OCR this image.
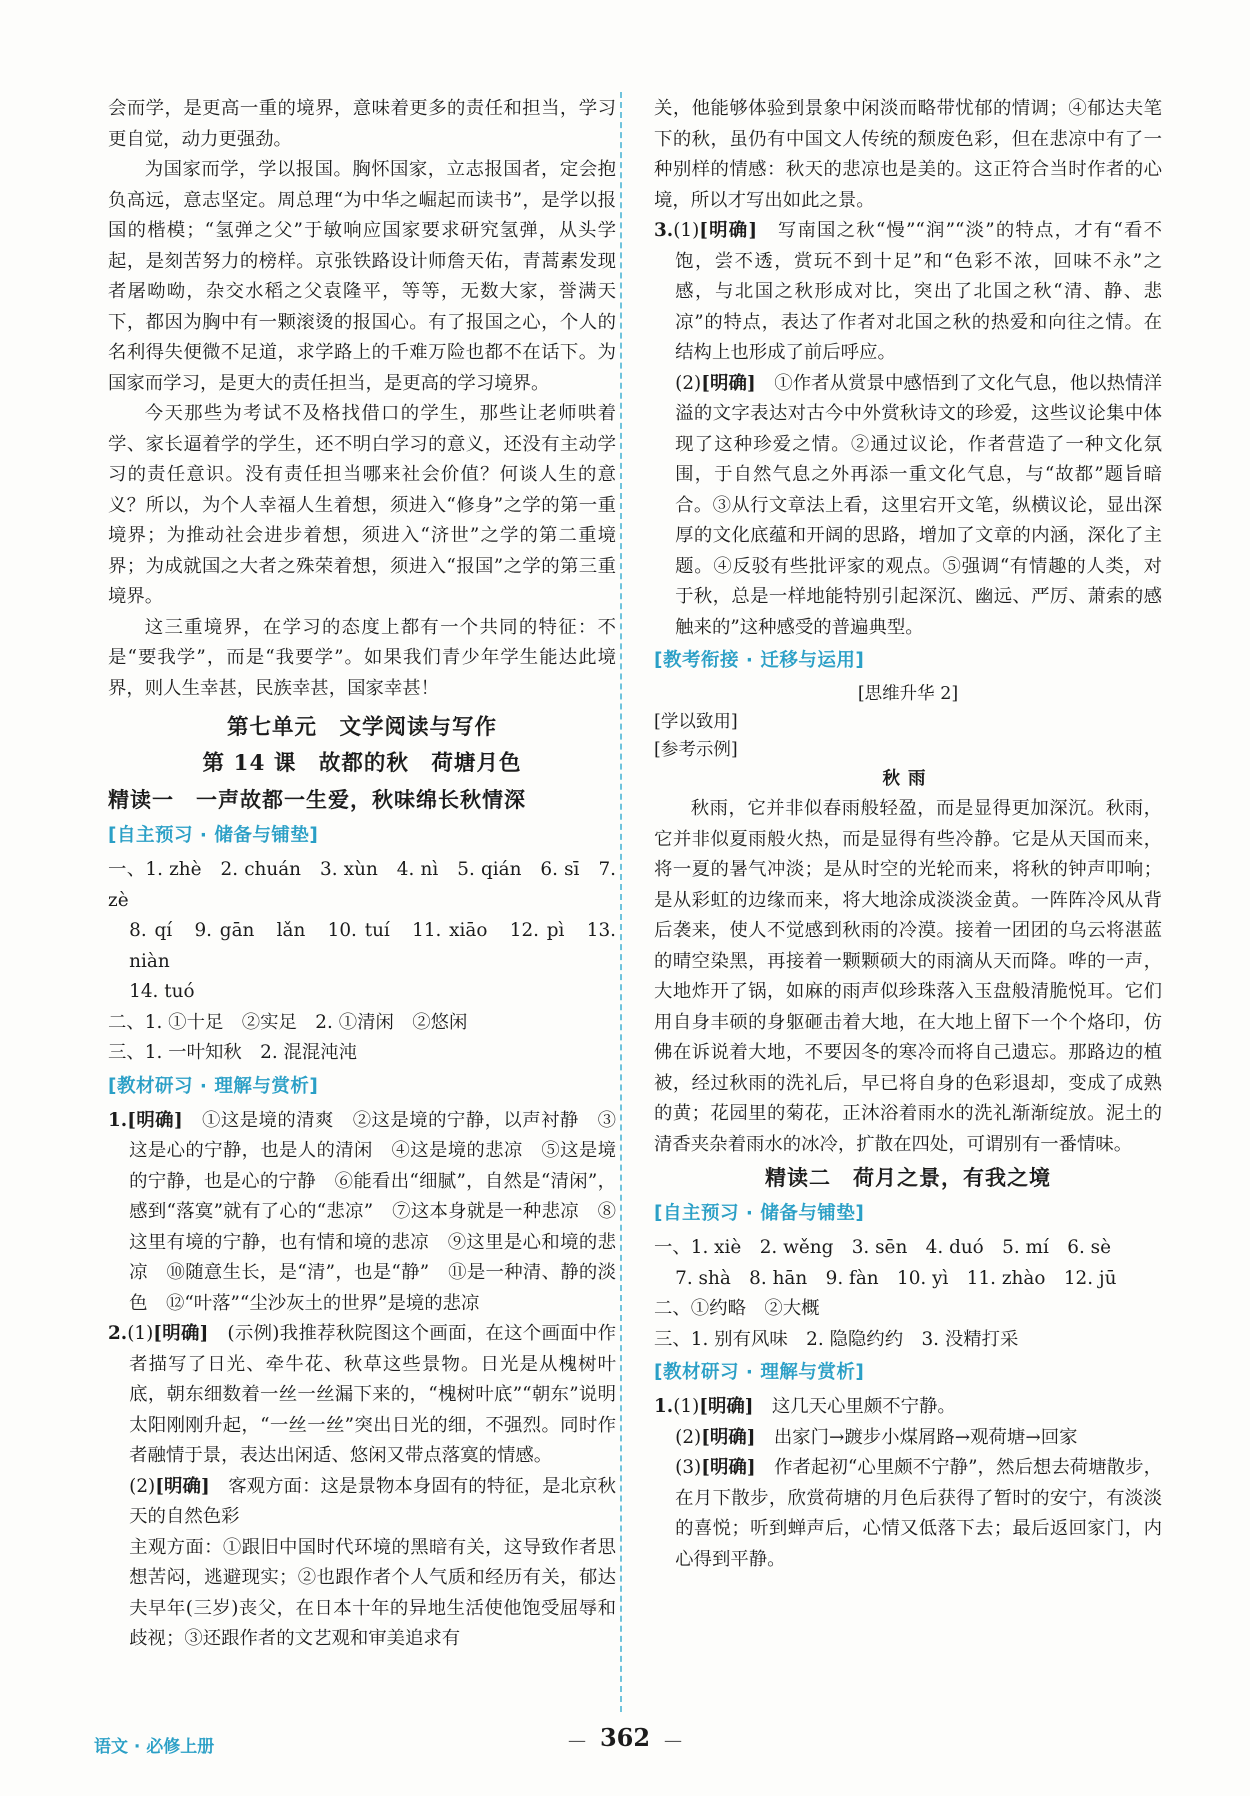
会而学，是更高一重的境界，意味着更多的责任和担当，学习更自觉，动力更强劲。

为国家而学，学以报国。胸怀国家，立志报国者，定会抱负高远，意志坚定。周总理“为中华之崛起而读书”，是学以报国的楷模；“氢弹之父”于敏响应国家要求研究氢弹，从头学起，是刻苦努力的榜样。京张铁路设计师詹天佑，青蒿素发现者屠呦呦，杂交水稻之父袁隆平，等等，无数大家，誉满天下，都因为胸中有一颗滚烫的报国心。有了报国之心，个人的名利得失便微不足道，求学路上的千难万险也都不在话下。为国家而学习，是更大的责任担当，是更高的学习境界。

今天那些为考试不及格找借口的学生，那些让老师哄着学、家长逼着学的学生，还不明白学习的意义，还没有主动学习的责任意识。没有责任担当哪来社会价值？何谈人生的意义？所以，为个人幸福人生着想，须进入“修身”之学的第一重境界；为推动社会进步着想，须进入“济世”之学的第二重境界；为成就国之大者之殊荣着想，须进入“报国”之学的第三重境界。

这三重境界，在学习的态度上都有一个共同的特征：不是“要我学”，而是“我要学”。如果我们青少年学生能达此境界，则人生幸甚，民族幸甚，国家幸甚！

第七单元　文学阅读与写作
第 14 课　故都的秋　荷塘月色
精读一　一声故都一生爱，秋味绵长秋情深
[自主预习 · 储备与铺垫]

一、1. zhè　2. chuán　3. xùn　4. nì　5. qián　6. sī　7. zè

8. qí　9. gān　lǎn　10. tuí　11. xiāo　12. pì　13. niàn

14. tuó

二、1. ①十足　②实足　2. ①清闲　②悠闲

三、1. 一叶知秋　2. 混混沌沌

[教材研习 · 理解与赏析]

1.[明确]　 ①这是境的清爽　②这是境的宁静，以声衬静　③这是心的宁静，也是人的清闲　④这是境的悲凉　⑤这是境的宁静，也是心的宁静　⑥能看出“细腻”，自然是“清闲”，感到“落寞”就有了心的“悲凉”　⑦这本身就是一种悲凉　⑧这里有境的宁静，也有情和境的悲凉　⑨这里是心和境的悲凉　⑩随意生长，是“清”，也是“静”　⑪是一种清、静的淡色　⑫“叶落”“尘沙灰土的世界”是境的悲凉

2.(1)[明确]　 (示例)我推荐秋院图这个画面，在这个画面中作者描写了日光、牵牛花、秋草这些景物。日光是从槐树叶底，朝东细数着一丝一丝漏下来的，“槐树叶底”“朝东”说明太阳刚刚升起，“一丝一丝”突出日光的细，不强烈。同时作者融情于景，表达出闲适、悠闲又带点落寞的情感。

(2)[明确]　 客观方面：这是景物本身固有的特征，是北京秋天的自然色彩

主观方面：①跟旧中国时代环境的黑暗有关，这导致作者思想苦闷，逃避现实；②也跟作者个人气质和经历有关，郁达夫早年(三岁)丧父，在日本十年的异地生活使他饱受屈辱和歧视；③还跟作者的文艺观和审美追求有

关，他能够体验到景象中闲淡而略带忧郁的情调；④郁达夫笔下的秋，虽仍有中国文人传统的颓废色彩，但在悲凉中有了一种别样的情感：秋天的悲凉也是美的。这正符合当时作者的心境，所以才写出如此之景。

3.(1)[明确]　 写南国之秋“慢”“润”“淡”的特点，才有“看不饱，尝不透，赏玩不到十足”和“色彩不浓，回味不永”之感，与北国之秋形成对比，突出了北国之秋“清、静、悲凉”的特点，表达了作者对北国之秋的热爱和向往之情。在结构上也形成了前后呼应。

(2)[明确]　 ①作者从赏景中感悟到了文化气息，他以热情洋溢的文字表达对古今中外赏秋诗文的珍爱，这些议论集中体现了这种珍爱之情。②通过议论，作者营造了一种文化氛围，于自然气息之外再添一重文化气息，与“故都”题旨暗合。③从行文章法上看，这里宕开文笔，纵横议论，显出深厚的文化底蕴和开阔的思路，增加了文章的内涵，深化了主题。④反驳有些批评家的观点。⑤强调“有情趣的人类，对于秋，总是一样地能特别引起深沉、幽远、严厉、萧索的感触来的”这种感受的普遍典型。

[教考衔接 · 迁移与运用]
[思维升华 2]
[学以致用]
[参考示例]
秋雨

秋雨，它并非似春雨般轻盈，而是显得更加深沉。秋雨，它并非似夏雨般火热，而是显得有些冷静。它是从天国而来，将一夏的暑气冲淡；是从时空的光轮而来，将秋的钟声叩响；是从彩虹的边缘而来，将大地涂成淡淡金黄。一阵阵冷风从背后袭来，使人不觉感到秋雨的冷漠。接着一团团的乌云将湛蓝的晴空染黑，再接着一颗颗硕大的雨滴从天而降。哗的一声，大地炸开了锅，如麻的雨声似珍珠落入玉盘般清脆悦耳。它们用自身丰硕的身躯砸击着大地，在大地上留下一个个烙印，仿佛在诉说着大地，不要因冬的寒冷而将自己遗忘。那路边的植被，经过秋雨的洗礼后，早已将自身的色彩退却，变成了成熟的黄；花园里的菊花，正沐浴着雨水的洗礼渐渐绽放。泥土的清香夹杂着雨水的冰冷，扩散在四处，可谓别有一番情味。

精读二　荷月之景，有我之境
[自主预习 · 储备与铺垫]

一、1. xiè　2. wěng　3. sēn　4. duó　5. mí　6. sè

7. shà　8. hān　9. fàn　10. yì　11. zhào　12. jū

二、①约略　②大概

三、1. 别有风味　2. 隐隐约约　3. 没精打采

[教材研习 · 理解与赏析]

1.(1)[明确]　 这几天心里颇不宁静。

(2)[明确]　 出家门→踱步小煤屑路→观荷塘→回家

(3)[明确]　 作者起初“心里颇不宁静”，然后想去荷塘散步，在月下散步，欣赏荷塘的月色后获得了暂时的安宁，有淡淡的喜悦；听到蝉声后，心情又低落下去；最后返回家门，内心得到平静。

语文 · 必修上册	— 362 —
